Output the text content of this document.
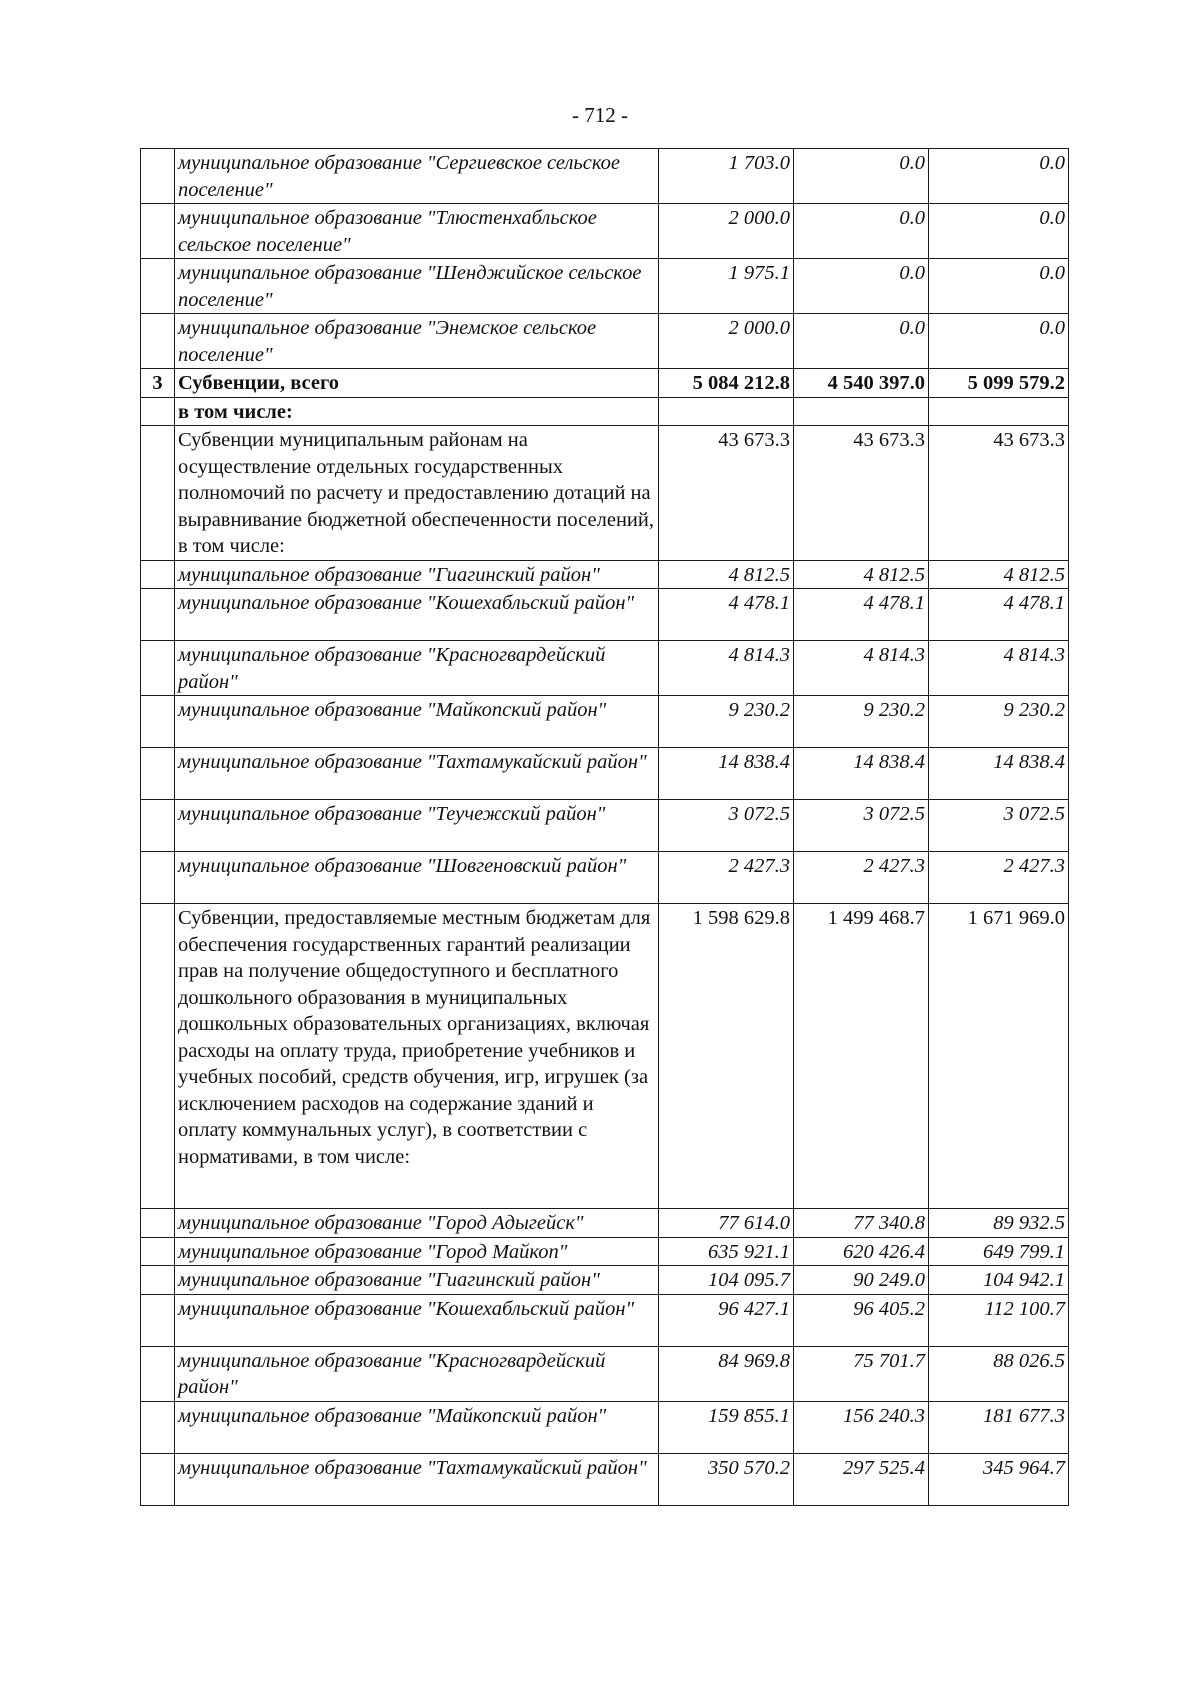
- 712 -
	муниципальное образование "Сергиевское сельское поселение"	1 703.0	0.0	0.0
	муниципальное образование "Тлюстенхабльское сельское поселение"	2 000.0	0.0	0.0
	муниципальное образование "Шенджийское сельское поселение"	1 975.1	0.0	0.0
	муниципальное образование "Энемское сельское поселение"	2 000.0	0.0	0.0
3	Субвенции, всего	5 084 212.8	4 540 397.0	5 099 579.2
	в том числе:			
	Субвенции муниципальным районам на осуществление отдельных государственных полномочий по расчету и предоставлению дотаций на выравнивание бюджетной обеспеченности поселений, в том числе:	43 673.3	43 673.3	43 673.3
	муниципальное образование "Гиагинский район"	4 812.5	4 812.5	4 812.5
	муниципальное образование "Кошехабльский район"	4 478.1	4 478.1	4 478.1
	муниципальное образование "Красногвардейский район"	4 814.3	4 814.3	4 814.3
	муниципальное образование "Майкопский район"	9 230.2	9 230.2	9 230.2
	муниципальное образование "Тахтамукайский район"	14 838.4	14 838.4	14 838.4
	муниципальное образование "Теучежский район"	3 072.5	3 072.5	3 072.5
	муниципальное образование "Шовгеновский район"	2 427.3	2 427.3	2 427.3
	Субвенции, предоставляемые местным бюджетам для обеспечения государственных гарантий реализации прав на получение общедоступного и бесплатного дошкольного образования в муниципальных дошкольных образовательных организациях, включая расходы на оплату труда, приобретение учебников и учебных пособий, средств обучения, игр, игрушек (за исключением расходов на содержание зданий и оплату коммунальных услуг), в соответствии с нормативами, в том числе:	1 598 629.8	1 499 468.7	1 671 969.0
	муниципальное образование "Город Адыгейск"	77 614.0	77 340.8	89 932.5
	муниципальное образование "Город Майкоп"	635 921.1	620 426.4	649 799.1
	муниципальное образование "Гиагинский район"	104 095.7	90 249.0	104 942.1
	муниципальное образование "Кошехабльский район"	96 427.1	96 405.2	112 100.7
	муниципальное образование "Красногвардейский район"	84 969.8	75 701.7	88 026.5
	муниципальное образование "Майкопский район"	159 855.1	156 240.3	181 677.3
	муниципальное образование "Тахтамукайский район"	350 570.2	297 525.4	345 964.7
